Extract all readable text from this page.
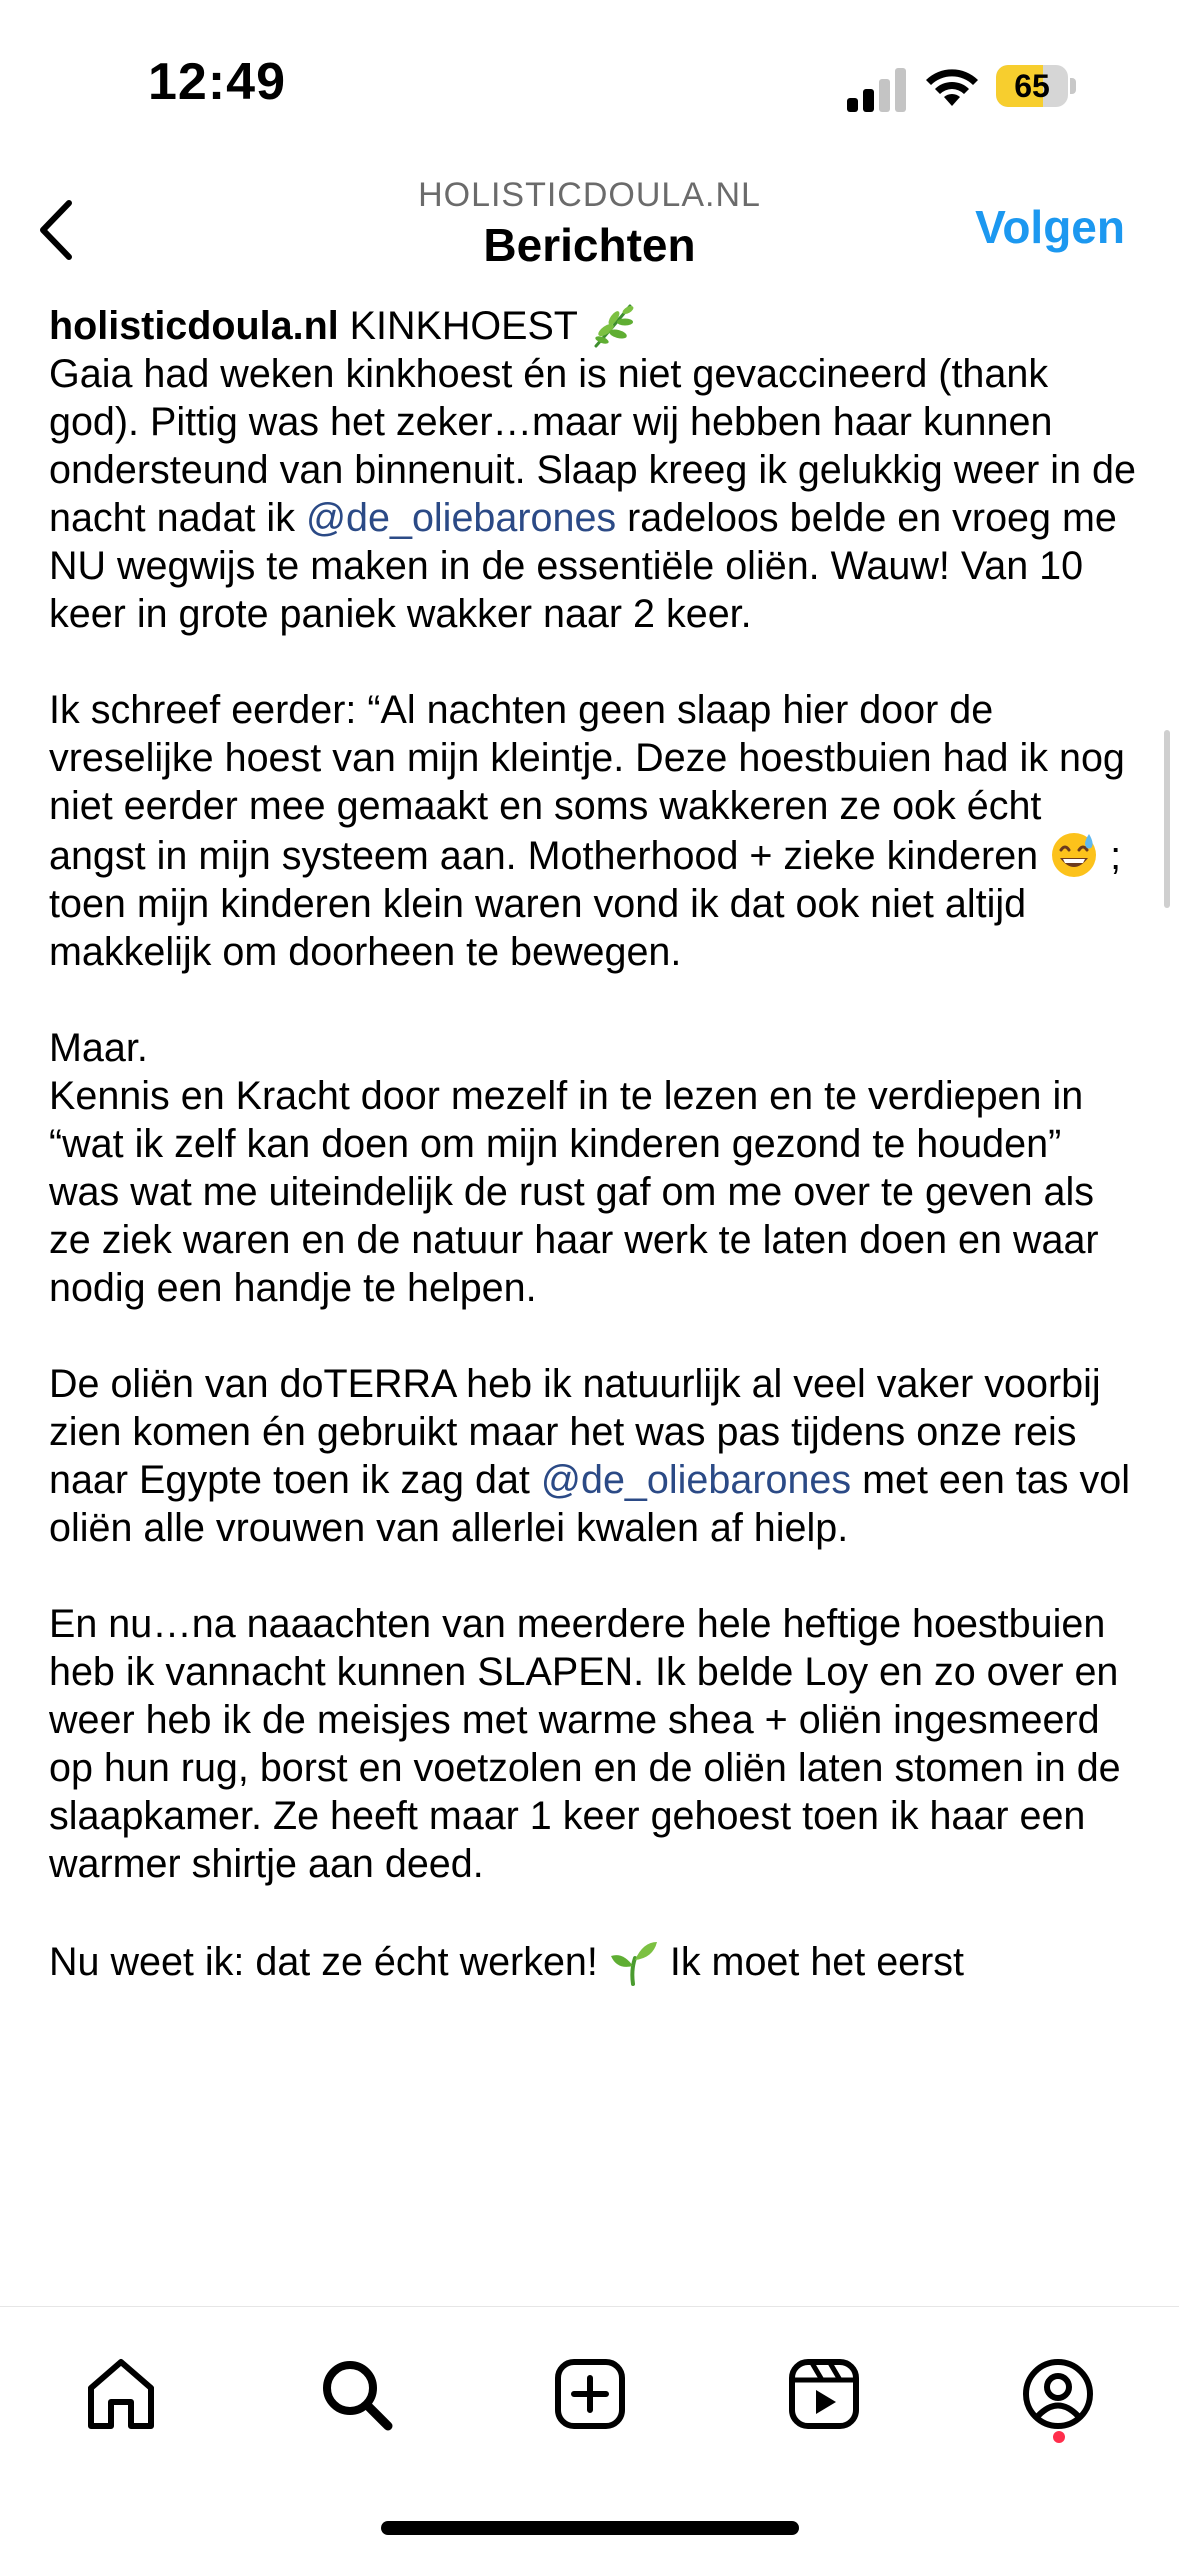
12:49	65
HOLISTICDOULA.NL
Berichten	Volgen

holisticdoula.nl KINKHOEST

Gaia had weken kinkhoest én is niet gevaccineerd (thank god). Pittig was het zeker…maar wij hebben haar kunnen ondersteund van binnenuit. Slaap kreeg ik gelukkig weer in de nacht nadat ik @de_oliebarones radeloos belde en vroeg me NU wegwijs te maken in de essentiële oliën. Wauw! Van 10 keer in grote paniek wakker naar 2 keer.

Ik schreef eerder: “Al nachten geen slaap hier door de vreselijke hoest van mijn kleintje. Deze hoestbuien had ik nog niet eerder mee gemaakt en soms wakkeren ze ook écht angst in mijn systeem aan. Motherhood + zieke kinderen ; toen mijn kinderen klein waren vond ik dat ook niet altijd makkelijk om doorheen te bewegen.

Maar.

Kennis en Kracht door mezelf in te lezen en te verdiepen in “wat ik zelf kan doen om mijn kinderen gezond te houden” was wat me uiteindelijk de rust gaf om me over te geven als ze ziek waren en de natuur haar werk te laten doen en waar nodig een handje te helpen.

De oliën van doTERRA heb ik natuurlijk al veel vaker voorbij zien komen én gebruikt maar het was pas tijdens onze reis naar Egypte toen ik zag dat @de_oliebarones met een tas vol oliën alle vrouwen van allerlei kwalen af hielp.

En nu…na naaachten van meerdere hele heftige hoestbuien heb ik vannacht kunnen SLAPEN. Ik belde Loy en zo over en weer heb ik de meisjes met warme shea + oliën ingesmeerd op hun rug, borst en voetzolen en de oliën laten stomen in de slaapkamer. Ze heeft maar 1 keer gehoest toen ik haar een warmer shirtje aan deed.

Nu weet ik: dat ze écht werken! Ik moet het eerst
